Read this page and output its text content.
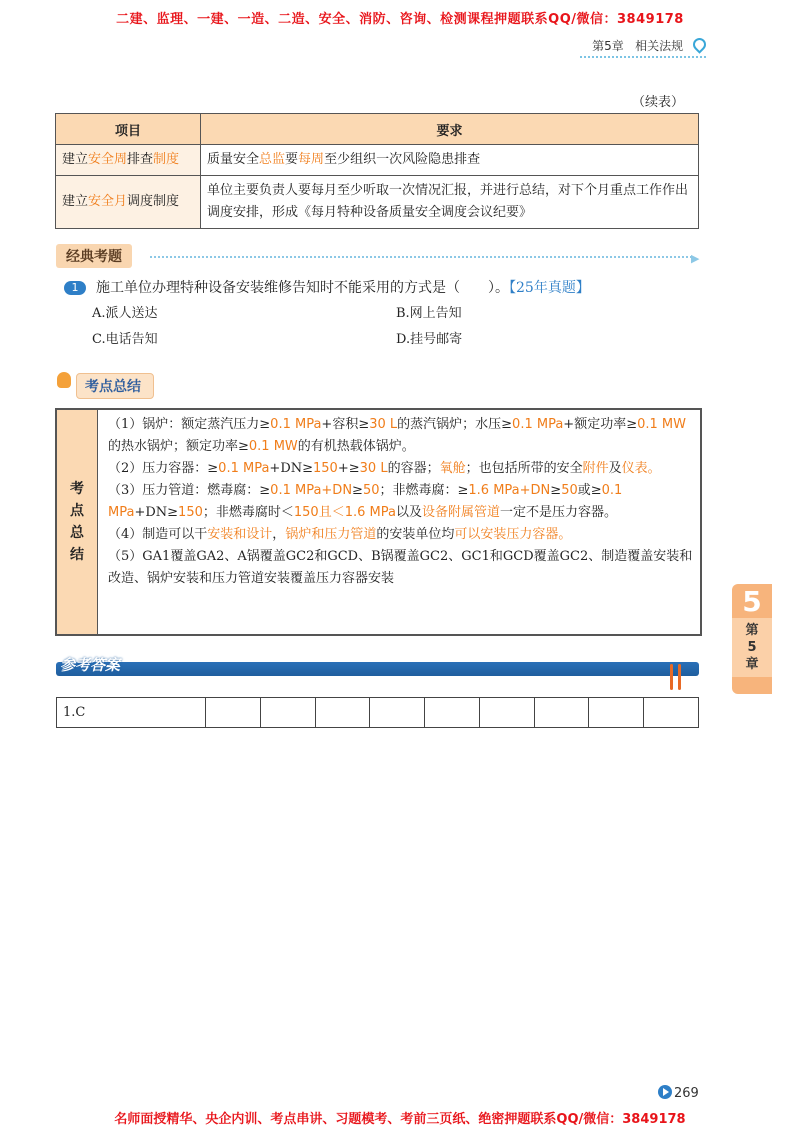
二建、监理、一建、一造、二造、安全、消防、咨询、检测课程押题联系QQ/微信：3849178
第5章 相关法规
（续表）
项目	要求
建立安全周排查制度	质量安全总监要每周至少组织一次风险隐患排查
建立安全月调度制度	单位主要负责人要每月至少听取一次情况汇报，并进行总结，对下个月重点工作作出调度安排，形成《每月特种设备质量安全调度会议纪要》
经典考题	▶
1	施工单位办理特种设备安装维修告知时不能采用的方式是（　　）。【25年真题】
A.派人送达	B.网上告知
C.电话告知	D.挂号邮寄
考点总结
考
点
总
结

（1）锅炉：额定蒸汽压力≥0.1 MPa+容积≥30 L的蒸汽锅炉；水压≥0.1 MPa+额定功率≥0.1 MW的热水锅炉；额定功率≥0.1 MW的有机热载体锅炉。

（2）压力容器：≥0.1 MPa+DN≥150+≥30 L的容器；氧舱；也包括所带的安全附件及仪表。

（3）压力管道：燃毒腐：≥0.1 MPa+DN≥50；非燃毒腐：≥1.6 MPa+DN≥50或≥0.1 MPa+DN≥150；非燃毒腐时＜150且＜1.6 MPa以及设备附属管道一定不是压力容器。

（4）制造可以干安装和设计，锅炉和压力管道的安装单位均可以安装压力容器。

（5）GA1覆盖GA2、A锅覆盖GC2和GCD、B锅覆盖GC2、GC1和GCD覆盖GC2、制造覆盖安装和改造、锅炉安装和压力管道安装覆盖压力容器安装

参考答案
1.C									
5
第
5
章
269
名师面授精华、央企内训、考点串讲、习题模考、考前三页纸、绝密押题联系QQ/微信：3849178
